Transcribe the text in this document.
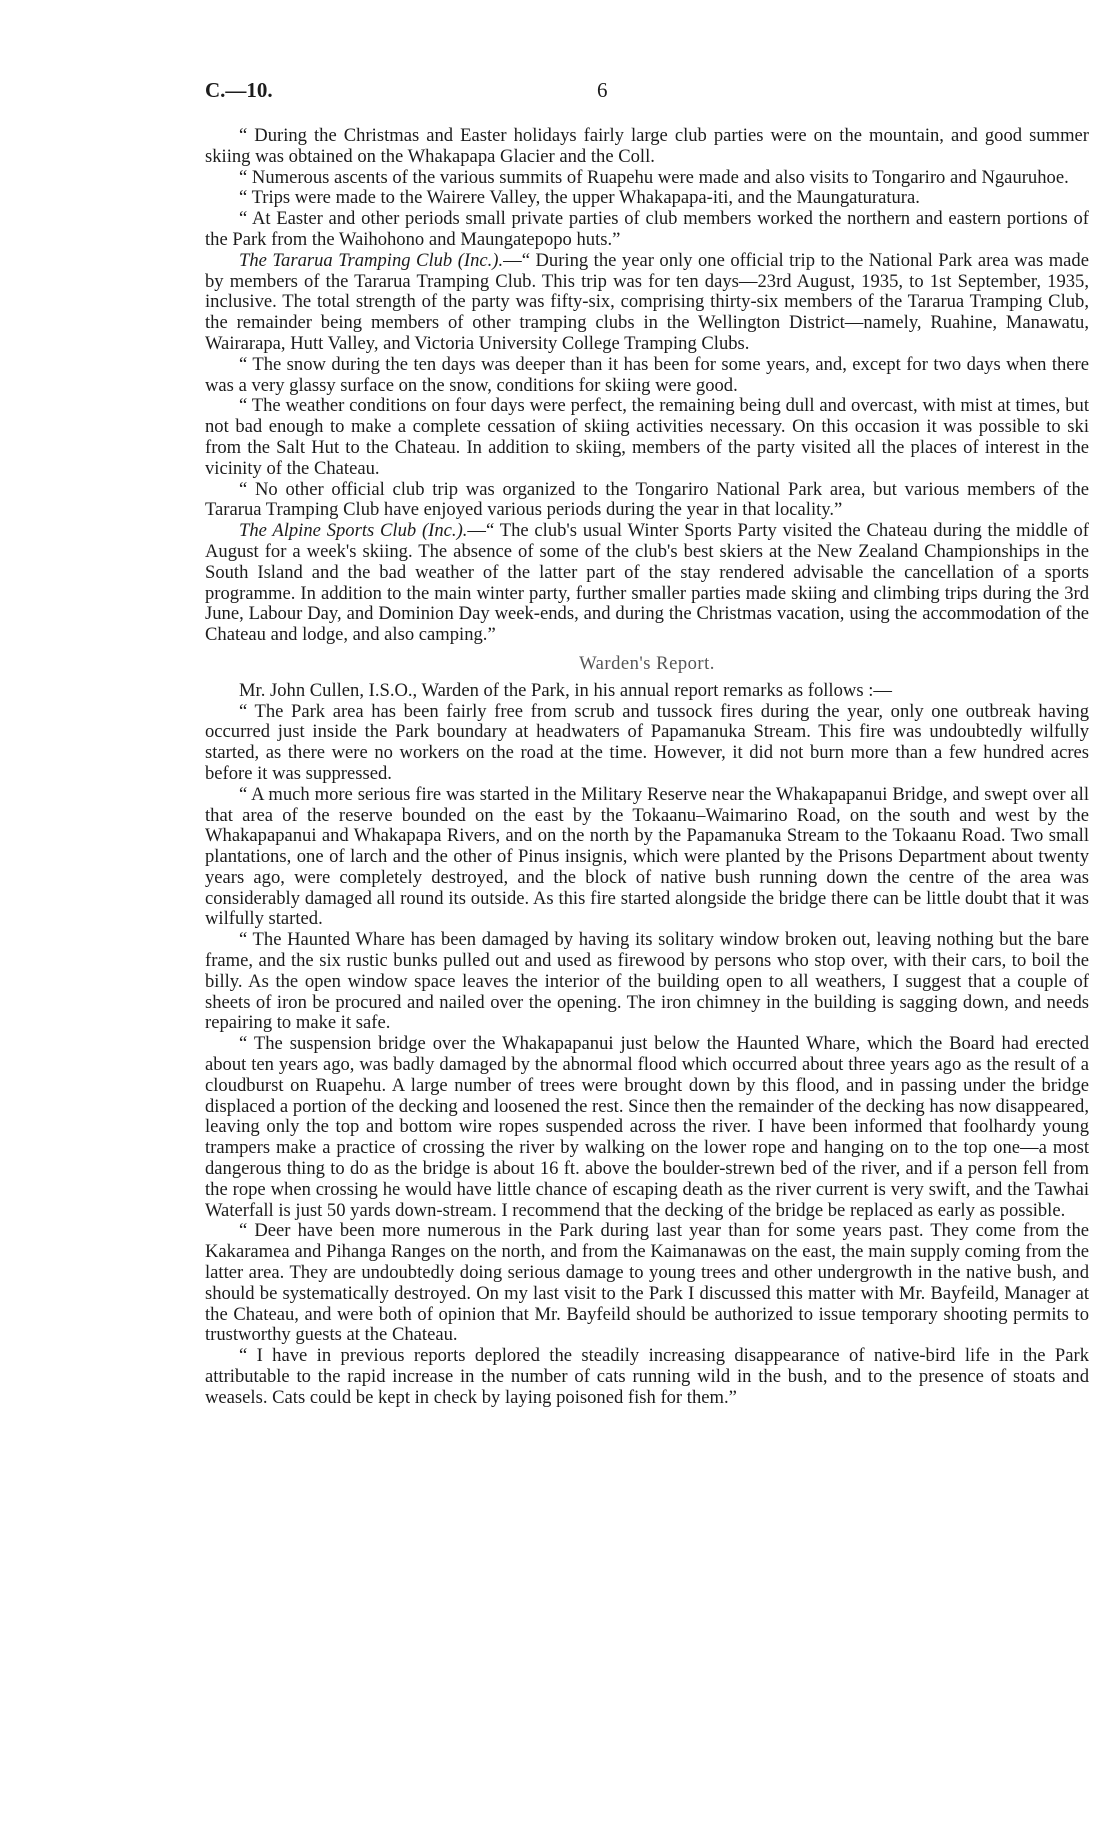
C.—10.	6

“ During the Christmas and Easter holidays fairly large club parties were on the mountain, and good summer skiing was obtained on the Whakapapa Glacier and the Coll.

“ Numerous ascents of the various summits of Ruapehu were made and also visits to Tongariro and Ngauruhoe.

“ Trips were made to the Wairere Valley, the upper Whakapapa-iti, and the Maungaturatura.

“ At Easter and other periods small private parties of club members worked the northern and eastern portions of the Park from the Waihohono and Maungatepopo huts.”

The Tararua Tramping Club (Inc.).—“ During the year only one official trip to the National Park area was made by members of the Tararua Tramping Club. This trip was for ten days—23rd August, 1935, to 1st September, 1935, inclusive. The total strength of the party was fifty-six, comprising thirty-six members of the Tararua Tramping Club, the remainder being members of other tramping clubs in the Wellington District—namely, Ruahine, Manawatu, Wairarapa, Hutt Valley, and Victoria University College Tramping Clubs.

“ The snow during the ten days was deeper than it has been for some years, and, except for two days when there was a very glassy surface on the snow, conditions for skiing were good.

“ The weather conditions on four days were perfect, the remaining being dull and overcast, with mist at times, but not bad enough to make a complete cessation of skiing activities necessary. On this occasion it was possible to ski from the Salt Hut to the Chateau. In addition to skiing, members of the party visited all the places of interest in the vicinity of the Chateau.

“ No other official club trip was organized to the Tongariro National Park area, but various members of the Tararua Tramping Club have enjoyed various periods during the year in that locality.”

The Alpine Sports Club (Inc.).—“ The club's usual Winter Sports Party visited the Chateau during the middle of August for a week's skiing. The absence of some of the club's best skiers at the New Zealand Championships in the South Island and the bad weather of the latter part of the stay rendered advisable the cancellation of a sports programme. In addition to the main winter party, further smaller parties made skiing and climbing trips during the 3rd June, Labour Day, and Dominion Day week-ends, and during the Christmas vacation, using the accommodation of the Chateau and lodge, and also camping.”

Warden's Report.

Mr. John Cullen, I.S.O., Warden of the Park, in his annual report remarks as follows :—

“ The Park area has been fairly free from scrub and tussock fires during the year, only one outbreak having occurred just inside the Park boundary at headwaters of Papamanuka Stream. This fire was undoubtedly wilfully started, as there were no workers on the road at the time. However, it did not burn more than a few hundred acres before it was suppressed.

“ A much more serious fire was started in the Military Reserve near the Whakapapanui Bridge, and swept over all that area of the reserve bounded on the east by the Tokaanu–Waimarino Road, on the south and west by the Whakapapanui and Whakapapa Rivers, and on the north by the Papamanuka Stream to the Tokaanu Road. Two small plantations, one of larch and the other of Pinus insignis, which were planted by the Prisons Department about twenty years ago, were completely destroyed, and the block of native bush running down the centre of the area was considerably damaged all round its outside. As this fire started alongside the bridge there can be little doubt that it was wilfully started.

“ The Haunted Whare has been damaged by having its solitary window broken out, leaving nothing but the bare frame, and the six rustic bunks pulled out and used as firewood by persons who stop over, with their cars, to boil the billy. As the open window space leaves the interior of the building open to all weathers, I suggest that a couple of sheets of iron be procured and nailed over the opening. The iron chimney in the building is sagging down, and needs repairing to make it safe.

“ The suspension bridge over the Whakapapanui just below the Haunted Whare, which the Board had erected about ten years ago, was badly damaged by the abnormal flood which occurred about three years ago as the result of a cloudburst on Ruapehu. A large number of trees were brought down by this flood, and in passing under the bridge displaced a portion of the decking and loosened the rest. Since then the remainder of the decking has now disappeared, leaving only the top and bottom wire ropes suspended across the river. I have been informed that foolhardy young trampers make a practice of crossing the river by walking on the lower rope and hanging on to the top one—a most dangerous thing to do as the bridge is about 16 ft. above the boulder-strewn bed of the river, and if a person fell from the rope when crossing he would have little chance of escaping death as the river current is very swift, and the Tawhai Waterfall is just 50 yards down-stream. I recommend that the decking of the bridge be replaced as early as possible.

“ Deer have been more numerous in the Park during last year than for some years past. They come from the Kakaramea and Pihanga Ranges on the north, and from the Kaimanawas on the east, the main supply coming from the latter area. They are undoubtedly doing serious damage to young trees and other undergrowth in the native bush, and should be systematically destroyed. On my last visit to the Park I discussed this matter with Mr. Bayfeild, Manager at the Chateau, and were both of opinion that Mr. Bayfeild should be authorized to issue temporary shooting permits to trustworthy guests at the Chateau.

“ I have in previous reports deplored the steadily increasing disappearance of native-bird life in the Park attributable to the rapid increase in the number of cats running wild in the bush, and to the presence of stoats and weasels. Cats could be kept in check by laying poisoned fish for them.”
